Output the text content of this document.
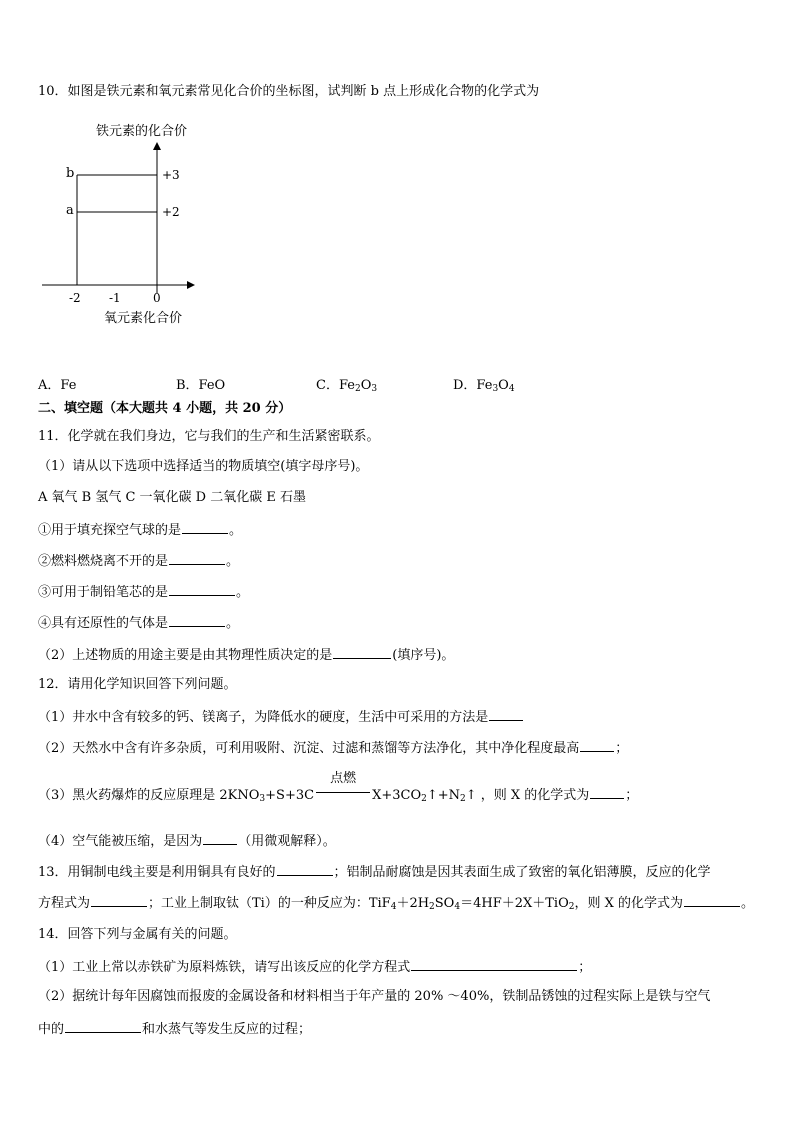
10．如图是铁元素和氧元素常见化合价的坐标图，试判断 b 点上形成化合物的化学式为
铁元素的化合价
b
a
+3
+2
-2 -1	0
氧元素化合价
A．Fe	B．FeO	C．$Fe_2O_3$	D．$Fe_3O_4$
二、填空题（本大题共 4 小题，共 20 分）
11．化学就在我们身边，它与我们的生产和生活紧密联系。
（1）请从以下选项中选择适当的物质填空(填字母序号)。
A 氧气 B 氢气 C 一氧化碳 D 二氧化碳 E 石墨
①用于填充探空气球的是	。
②燃料燃烧离不开的是	。
③可用于制铅笔芯的是	。
④具有还原性的气体是	。
（2）上述物质的用途主要是由其物理性质决定的是	(填序号)。
12．请用化学知识回答下列问题。
（1）井水中含有较多的钙、镁离子，为降低水的硬度，生活中可采用的方法是
（2）天然水中含有许多杂质，可利用吸附、沉淀、过滤和蒸馏等方法净化，其中净化程度最高	；
（3）黑火药爆炸的反应原理是 $2KNO_3+S+3C$
点燃
$X+3CO_2↑+N_2↑$ ，则 X 的化学式为	；
（4）空气能被压缩，是因为	（用微观解释）。
13．用铜制电线主要是利用铜具有良好的	；铝制品耐腐蚀是因其表面生成了致密的氧化铝薄膜，反应的化学
方程式为	；工业上制取钛（Ti）的一种反应为：$TiF_4+2H_2SO_4=4HF+2X+TiO_2$，则 X 的化学式为	。
14．回答下列与金属有关的问题。
（1）工业上常以赤铁矿为原料炼铁，请写出该反应的化学方程式	；
（2）据统计每年因腐蚀而报废的金属设备和材料相当于年产量的 20% ～40%，铁制品锈蚀的过程实际上是铁与空气
中的	和水蒸气等发生反应的过程；
